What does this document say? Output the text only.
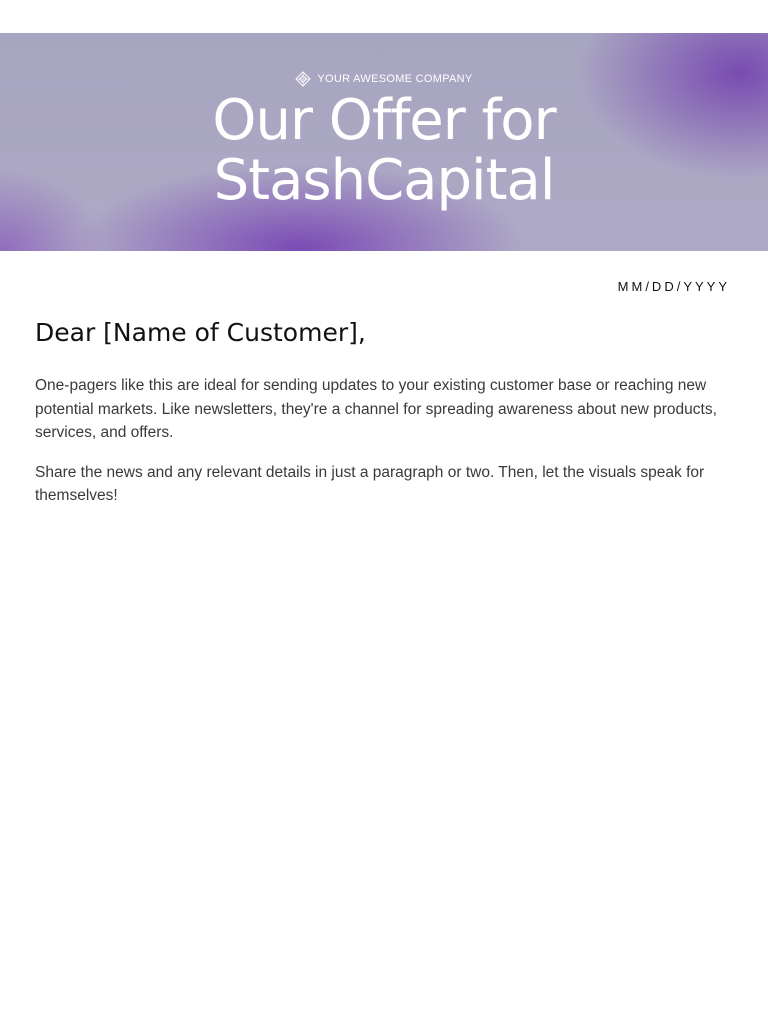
YOUR AWESOME COMPANY
Our Offer for
StashCapital
MM/DD/YYYY
Dear [Name of Customer],

One-pagers like this are ideal for sending updates to your existing customer base or reaching new potential markets. Like newsletters, they're a channel for spreading awareness about new products, services, and offers.

Share the news and any relevant details in just a paragraph or two. Then, let the visuals speak for themselves!
